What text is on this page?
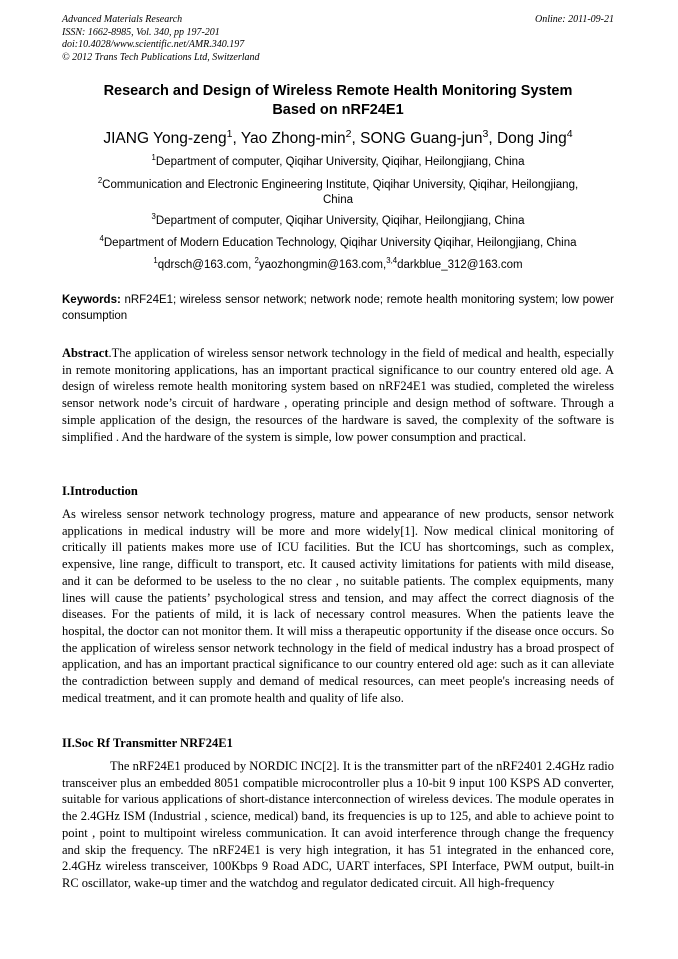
Advanced Materials Research
ISSN: 1662-8985, Vol. 340, pp 197-201
doi:10.4028/www.scientific.net/AMR.340.197
© 2012 Trans Tech Publications Ltd, Switzerland
Online: 2011-09-21
Research and Design of Wireless Remote Health Monitoring System
Based on nRF24E1
JIANG Yong-zeng$^1$, Yao Zhong-$\min^2$, SONG Guang-jun$^3$, Dong Jing$^4$
$^1$Department of computer, Qiqihar University, Qiqihar, Heilongjiang, China
$^2$Communication and Electronic Engineering Institute, Qiqihar University, Qiqihar, Heilongjiang,
China
$^3$Department of computer, Qiqihar University, Qiqihar, Heilongjiang, China
$^4$Department of Modern Education Technology, Qiqihar University Qiqihar, Heilongjiang, China
$^1$qdrsch@163.com, $^2$yaozhongmin@163.com,$^{3,4}$darkblue_312@163.com
Keywords: nRF24E1; wireless sensor network; network node; remote health monitoring system; low power consumption
Abstract.The application of wireless sensor network technology in the field of medical and health, especially in remote monitoring applications, has an important practical significance to our country entered old age. A design of wireless remote health monitoring system based on nRF24E1 was studied, completed the wireless sensor network node’s circuit of hardware , operating principle and design method of software. Through a simple application of the design, the resources of the hardware is saved, the complexity of the software is simplified . And the hardware of the system is simple, low power consumption and practical.
I.Introduction
As wireless sensor network technology progress, mature and appearance of new products, sensor network applications in medical industry will be more and more widely[1]. Now medical clinical monitoring of critically ill patients makes more use of ICU facilities. But the ICU has shortcomings, such as complex, expensive, line range, difficult to transport, etc. It caused activity limitations for patients with mild disease, and it can be deformed to be useless to the no clear , no suitable patients. The complex equipments, many lines will cause the patients’ psychological stress and tension, and may affect the correct diagnosis of the diseases. For the patients of mild, it is lack of necessary control measures. When the patients leave the hospital, the doctor can not monitor them. It will miss a therapeutic opportunity if the disease once occurs. So the application of wireless sensor network technology in the field of medical industry has a broad prospect of application, and has an important practical significance to our country entered old age: such as it can alleviate the contradiction between supply and demand of medical resources, can meet people's increasing needs of medical treatment, and it can promote health and quality of life also.
II.Soc Rf Transmitter NRF24E1
The nRF24E1 produced by NORDIC INC[2]. It is the transmitter part of the nRF2401 2.4GHz radio transceiver plus an embedded 8051 compatible microcontroller plus a 10-bit 9 input 100 KSPS AD converter, suitable for various applications of short-distance interconnection of wireless devices. The module operates in the 2.4GHz ISM (Industrial , science, medical) band, its frequencies is up to 125, and able to achieve point to point , point to multipoint wireless communication. It can avoid interference through change the frequency and skip the frequency. The nRF24E1 is very high integration, it has 51 integrated in the enhanced core, 2.4GHz wireless transceiver, 100Kbps 9 Road ADC, UART interfaces, SPI Interface, PWM output, built-in RC oscillator, wake-up timer and the watchdog and regulator dedicated circuit. All high-frequency
